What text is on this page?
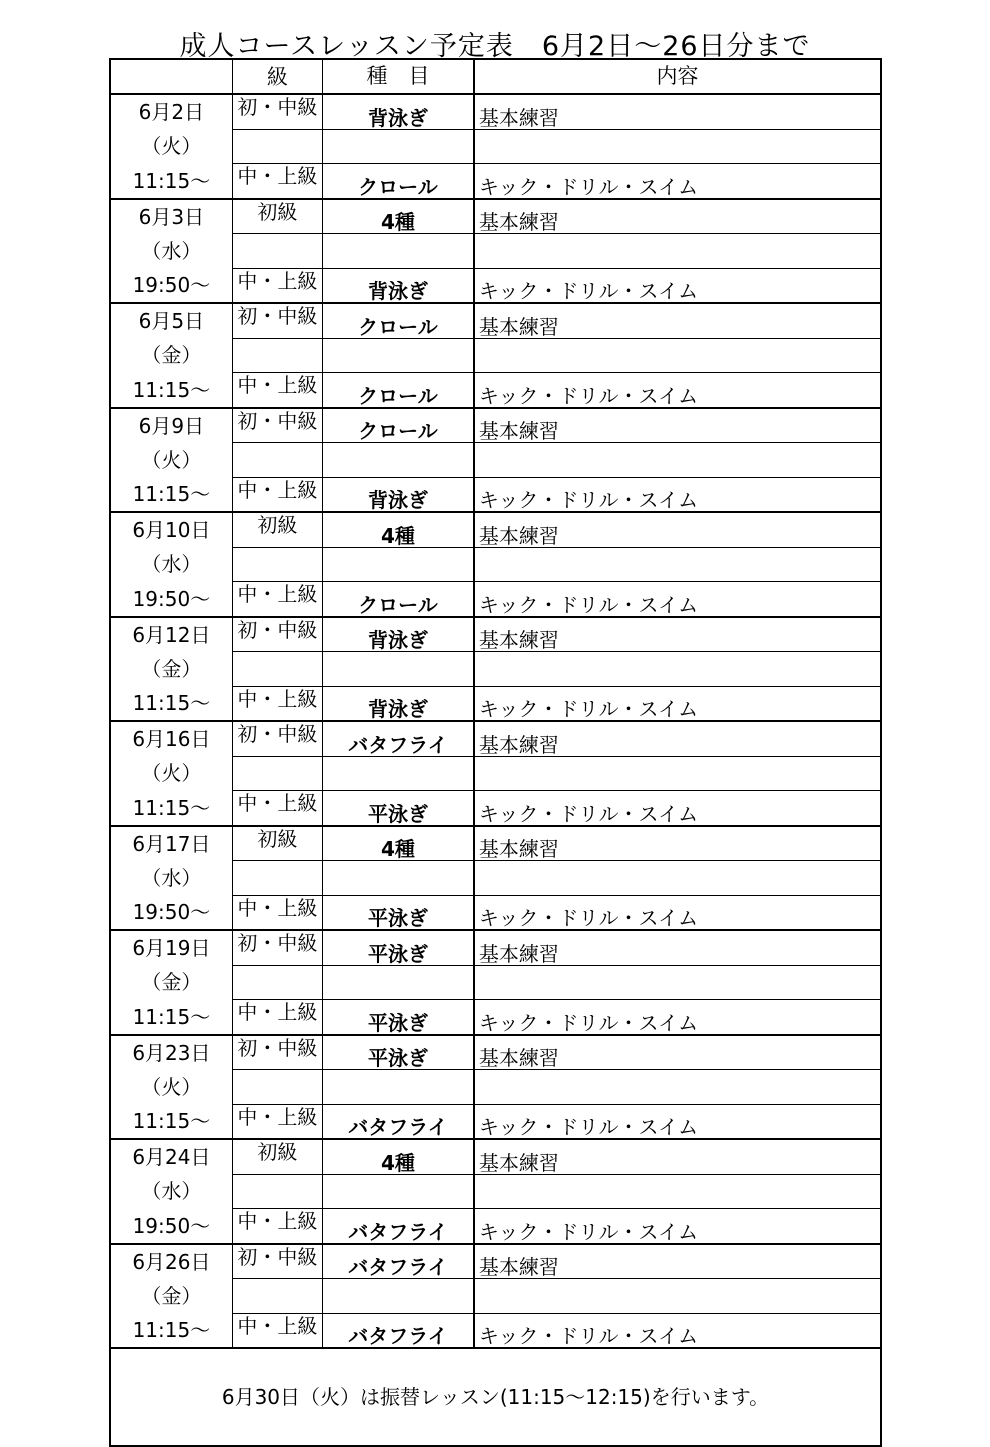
成人コースレッスン予定表　6月2日～26日分まで
	級	種　目	内容
6月2日	初・中級	背泳ぎ	基本練習
（火）			
11:15～	中・上級	クロール	キック・ドリル・スイム
6月3日	初級	4種	基本練習
（水）			
19:50～	中・上級	背泳ぎ	キック・ドリル・スイム
6月5日	初・中級	クロール	基本練習
（金）			
11:15～	中・上級	クロール	キック・ドリル・スイム
6月9日	初・中級	クロール	基本練習
（火）			
11:15～	中・上級	背泳ぎ	キック・ドリル・スイム
6月10日	初級	4種	基本練習
（水）			
19:50～	中・上級	クロール	キック・ドリル・スイム
6月12日	初・中級	背泳ぎ	基本練習
（金）			
11:15～	中・上級	背泳ぎ	キック・ドリル・スイム
6月16日	初・中級	バタフライ	基本練習
（火）			
11:15～	中・上級	平泳ぎ	キック・ドリル・スイム
6月17日	初級	4種	基本練習
（水）			
19:50～	中・上級	平泳ぎ	キック・ドリル・スイム
6月19日	初・中級	平泳ぎ	基本練習
（金）			
11:15～	中・上級	平泳ぎ	キック・ドリル・スイム
6月23日	初・中級	平泳ぎ	基本練習
（火）			
11:15～	中・上級	バタフライ	キック・ドリル・スイム
6月24日	初級	4種	基本練習
（水）			
19:50～	中・上級	バタフライ	キック・ドリル・スイム
6月26日	初・中級	バタフライ	基本練習
（金）			
11:15～	中・上級	バタフライ	キック・ドリル・スイム
6月30日（火）は振替レッスン(11:15～12:15)を行います。			
